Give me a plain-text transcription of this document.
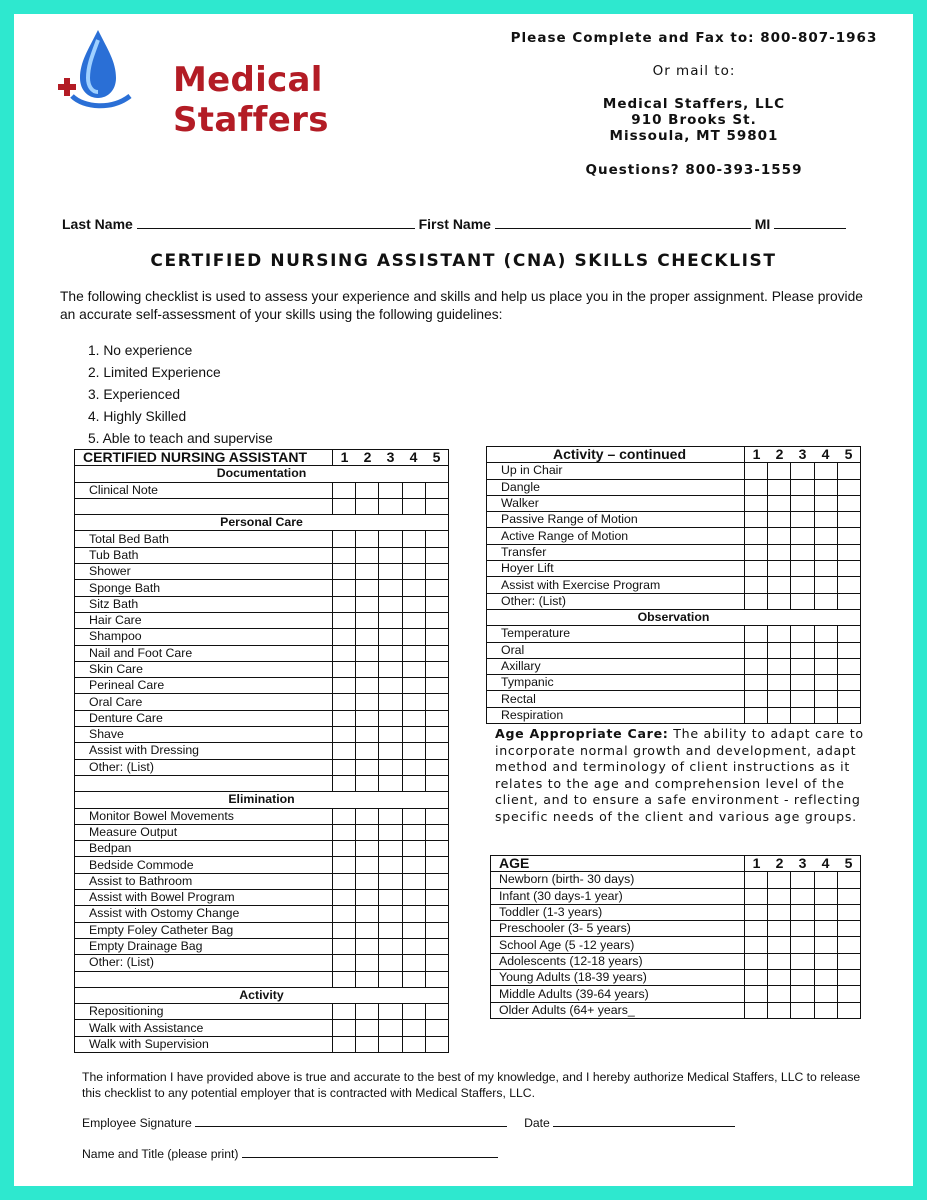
Medical Staffers
Please Complete and Fax to: 800-807-1963
Or mail to:
Medical Staffers, LLC
910 Brooks St.
Missoula, MT 59801
Questions? 800-393-1559
Last Name	First Name	MI
CERTIFIED NURSING ASSISTANT (CNA) SKILLS CHECKLIST
The following checklist is used to assess your experience and skills and help us place you in the proper assignment. Please provide an accurate self-assessment of your skills using the following guidelines:
1. No experience
2. Limited Experience
3. Experienced
4. Highly Skilled
5. Able to teach and supervise
CERTIFIED NURSING ASSISTANT	1 2 3 4 5				

Documentation					
Clinical Note					

Personal Care					
Total Bed Bath					
Tub Bath					
Shower					
Sponge Bath					
Sitz Bath					
Hair Care					
Shampoo					
Nail and Foot Care					
Skin Care					
Perineal Care					
Oral Care					
Denture Care					
Shave					
Assist with Dressing					
Other: (List)					

Elimination					
Monitor Bowel Movements					
Measure Output					
Bedpan					
Bedside Commode					
Assist to Bathroom					
Assist with Bowel Program					
Assist with Ostomy Change					
Empty Foley Catheter Bag					
Empty Drainage Bag					
Other: (List)					

Activity					
Repositioning					
Walk with Assistance					
Walk with Supervision					
Activity – continued	1 2 3 4 5				

Up in Chair					
Dangle					
Walker					
Passive Range of Motion					
Active Range of Motion					
Transfer					
Hoyer Lift					
Assist with Exercise Program					
Other: (List)					
Observation					
Temperature					
Oral					
Axillary					
Tympanic					
Rectal					
Respiration					
Age Appropriate Care: The ability to adapt care to incorporate normal growth and development, adapt method and terminology of client instructions as it relates to the age and comprehension level of the client, and to ensure a safe environment - reflecting specific needs of the client and various age groups.
AGE	1 2 3 4 5				

Newborn (birth- 30 days)					
Infant (30 days-1 year)					
Toddler (1-3 years)					
Preschooler (3- 5 years)					
School Age (5 -12 years)					
Adolescents (12-18 years)					
Young Adults (18-39 years)					
Middle Adults (39-64 years)					
Older Adults (64+ years_					
The information I have provided above is true and accurate to the best of my knowledge, and I hereby authorize Medical Staffers, LLC to release this checklist to any potential employer that is contracted with Medical Staffers, LLC.
Employee Signature	Date
Name and Title (please print)
